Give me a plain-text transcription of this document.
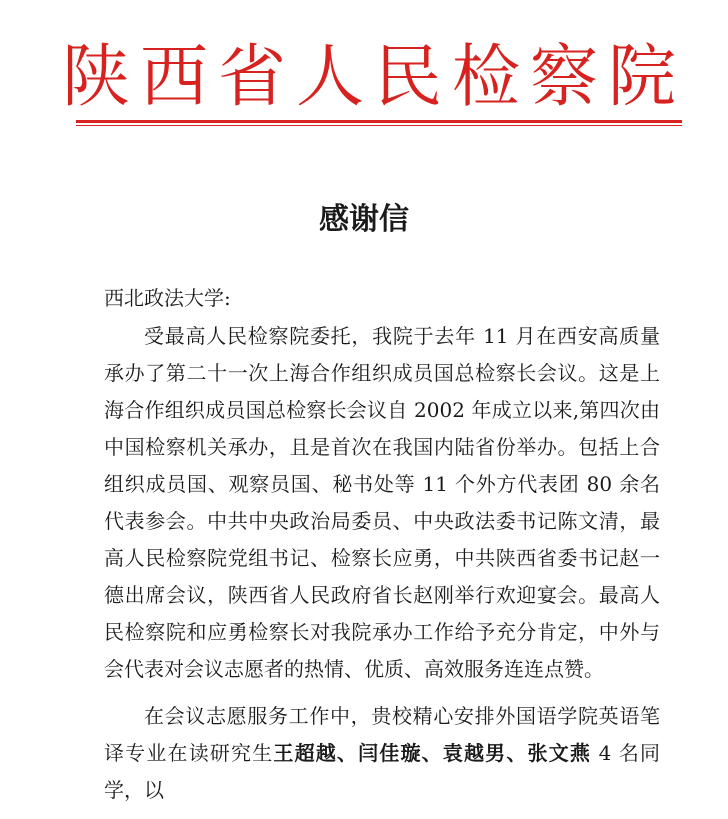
陕西省人民检察院
感谢信
西北政法大学:

受最高人民检察院委托，我院于去年 11 月在西安高质量承办了第二十一次上海合作组织成员国总检察长会议。这是上海合作组织成员国总检察长会议自 2002 年成立以来,第四次由中国检察机关承办，且是首次在我国内陆省份举办。包括上合组织成员国、观察员国、秘书处等 11 个外方代表团 80 余名代表参会。中共中央政治局委员、中央政法委书记陈文清，最高人民检察院党组书记、检察长应勇，中共陕西省委书记赵一德出席会议，陕西省人民政府省长赵刚举行欢迎宴会。最高人民检察院和应勇检察长对我院承办工作给予充分肯定，中外与会代表对会议志愿者的热情、优质、高效服务连连点赞。

在会议志愿服务工作中，贵校精心安排外国语学院英语笔译专业在读研究生王超越、闫佳璇、袁越男、张文燕 4 名同学，以
